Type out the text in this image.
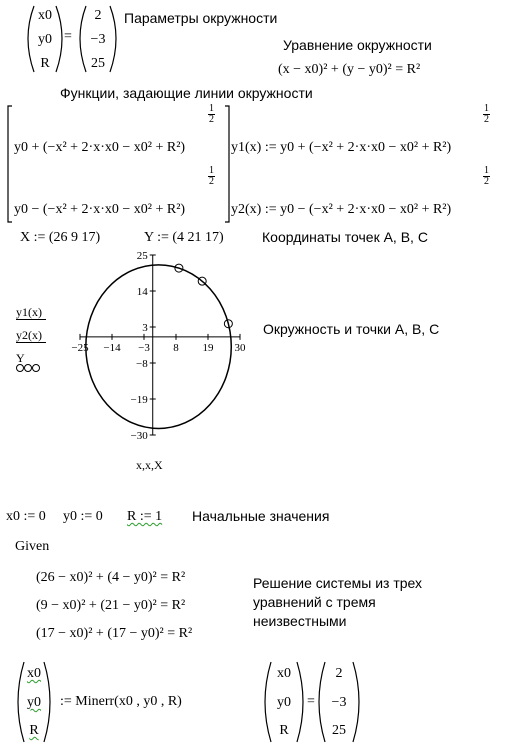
x0
y0
R
=
2
−3
25
Параметры окружности
Уравнение окружности
(x − x0)² + (y − y0)² = R²
Функции, задающие линии окружности
y0 + (−x² + 2·x·x0 − x0² + R²)
$\frac{1}{2}$
y0 − (−x² + 2·x·x0 − x0² + R²)
$\frac{1}{2}$
y1(x) := y0 + (−x² + 2·x·x0 − x0² + R²)
$\frac{1}{2}$
y2(x) := y0 − (−x² + 2·x·x0 − x0² + R²)
$\frac{1}{2}$
X := (26 9 17)	Y := (4 21 17)	Координаты точек A, B, C
y1(x)
y2(x)
Y
−25 −14 −3 8 19 30
25
14
3
−8
−19
−30
x,x,X
Окружность и точки A, B, C
x0 := 0 y0 := 0 R := 1 Начальные значения
Given
(26 − x0)² + (4 − y0)² = R²
(9 − x0)² + (21 − y0)² = R²
(17 − x0)² + (17 − y0)² = R²
Решение системы из трех
уравнений с тремя
неизвестными
x0
y0
R
:= Minerr(x0 , y0 , R)
x0
y0
R
=
2
−3
25
